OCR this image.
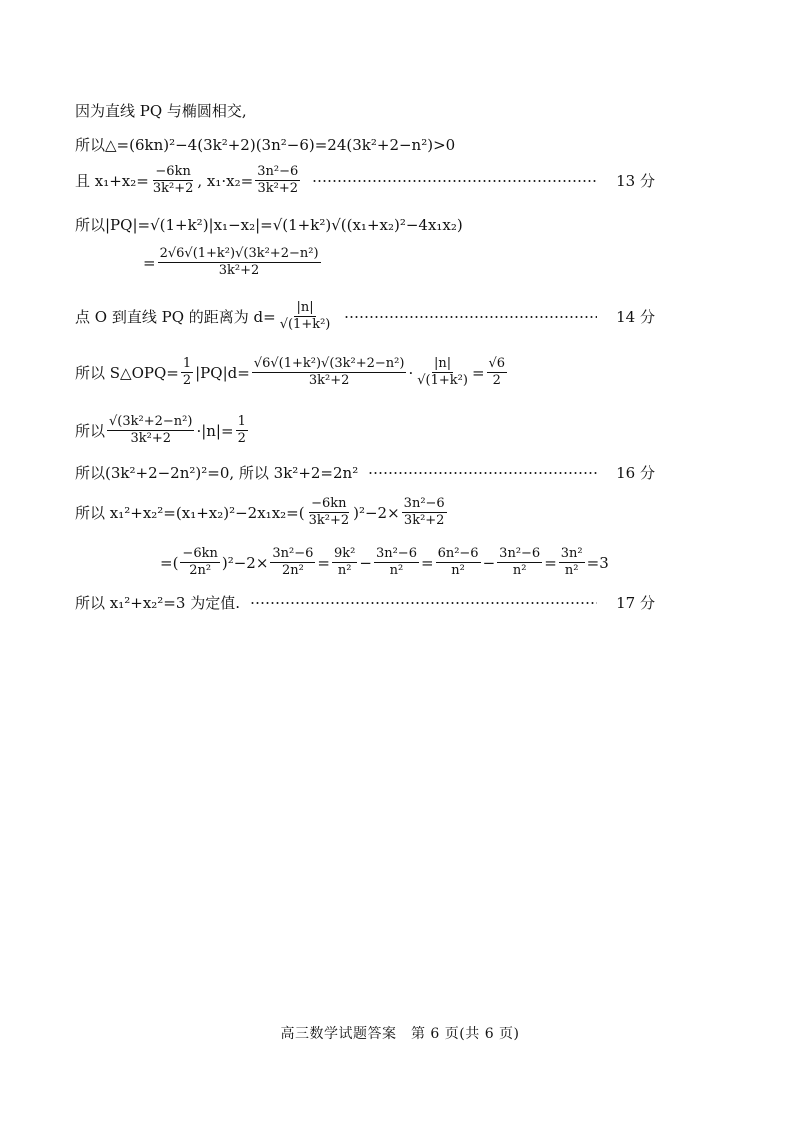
因为直线 PQ 与椭圆相交,
所以△=(6kn)²−4(3k²+2)(3n²−6)=24(3k²+2−n²)>0
且 $x_1+x_2= \frac{-6kn}{\text{3k²+2}}$ , $x_1\cdot x_2= \frac{\text{3n²−6}}{\text{3k²+2}}$	13 分
所以|PQ|=√(1+k²)|x₁−x₂|=√(1+k²)√((x₁+x₂)²−4x₁x₂)
= $\frac{\text{2√6√(1+k²)√(3k²+2−n²)}}{\text{3k²+2}}$
点 O 到直线 PQ 的距离为 $d= \frac{|n|}{\text{√(1+k²)}}$	14 分
所以 S△OPQ= $\frac{1}{2} |PQ|d= \frac{\text{√6√(1+k²)√(3k²+2−n²)}}{\text{3k²+2}} \cdot \frac{|n|}{\text{√(1+k²)}} = \frac{√6}{2}$
所以 $\frac{\text{√(3k²+2−n²)}}{\text{3k²+2}} \cdot|n|= \frac{1}{2}$
所以(3k²+2−2n²)²=0, 所以 3k²+2=2n²	16 分
所以 $x_1^2+x_2^2=(x_1+x_2)^2-2x_1x_2=( \frac{-6kn}{\text{3k²+2}} )^2-2\times \frac{\text{3n²−6}}{\text{3k²+2}}$
=( $\frac{-6kn}{\text{2n²}} )^2-2\times \frac{\text{3n²−6}}{\text{2n²}} = \frac{\text{9k²}}{\text{n²}} - \frac{\text{3n²−6}}{\text{n²}} = \frac{\text{6n²−6}}{\text{n²}} - \frac{\text{3n²−6}}{\text{n²}} = \frac{\text{3n²}}{\text{n²}} =3$
所以 x₁²+x₂²=3 为定值.	17 分
高三数学试题答案　第 6 页(共 6 页)
